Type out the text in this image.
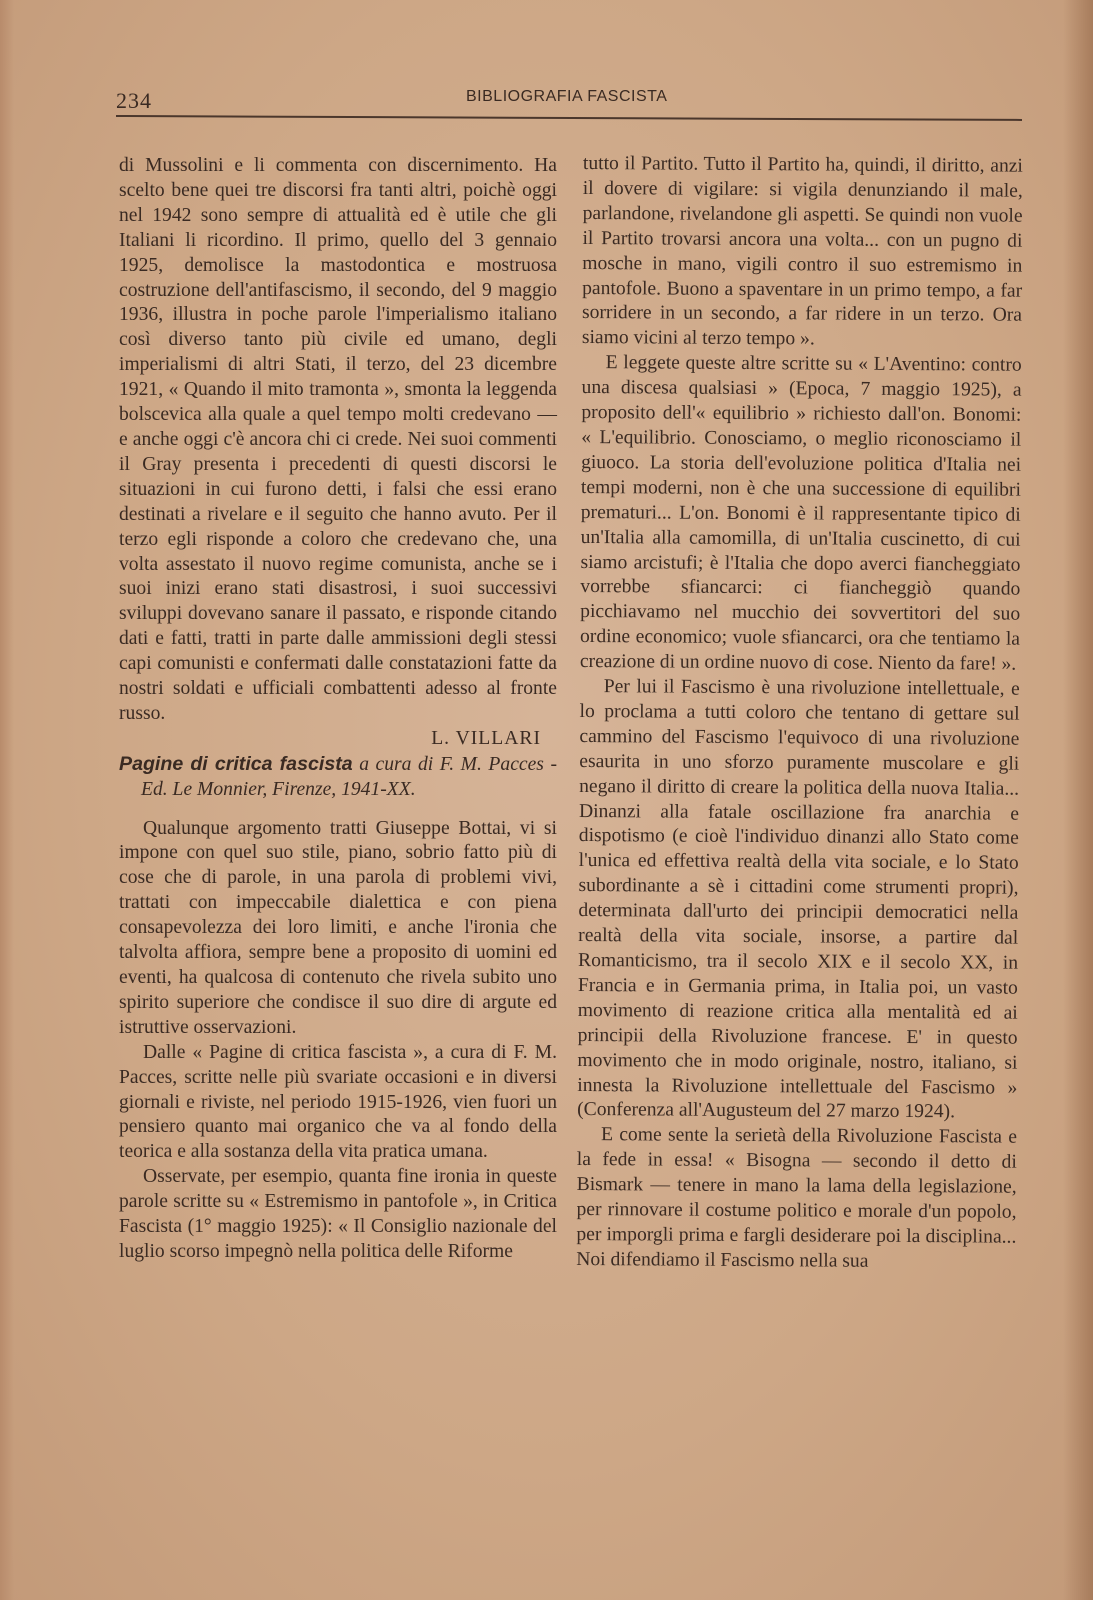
234	BIBLIOGRAFIA FASCISTA

di Mussolini e li commenta con discernimento. Ha scelto bene quei tre discorsi fra tanti altri, poichè oggi nel 1942 sono sempre di attualità ed è utile che gli Italiani li ricordino. Il primo, quello del 3 gennaio 1925, demolisce la mastodontica e mostruosa costruzione dell'antifascismo, il secondo, del 9 maggio 1936, illustra in poche parole l'imperialismo italiano così diverso tanto più civile ed umano, degli imperialismi di altri Stati, il terzo, del 23 dicembre 1921, « Quando il mito tramonta », smonta la leggenda bolscevica alla quale a quel tempo molti credevano — e anche oggi c'è ancora chi ci crede. Nei suoi commenti il Gray presenta i precedenti di questi discorsi le situazioni in cui furono detti, i falsi che essi erano destinati a rivelare e il seguito che hanno avuto. Per il terzo egli risponde a coloro che credevano che, una volta assestato il nuovo regime comunista, anche se i suoi inizi erano stati disastrosi, i suoi successivi sviluppi dovevano sanare il passato, e risponde citando dati e fatti, tratti in parte dalle ammissioni degli stessi capi comunisti e confermati dalle constatazioni fatte da nostri soldati e ufficiali combattenti adesso al fronte russo.

L. VILLARI

Pagine di critica fascista a cura di F. M. Pacces - Ed. Le Monnier, Firenze, 1941-XX.

Qualunque argomento tratti Giuseppe Bottai, vi si impone con quel suo stile, piano, sobrio fatto più di cose che di parole, in una parola di problemi vivi, trattati con impeccabile dialettica e con piena consapevolezza dei loro limiti, e anche l'ironia che talvolta affiora, sempre bene a proposito di uomini ed eventi, ha qualcosa di contenuto che rivela subito uno spirito superiore che condisce il suo dire di argute ed istruttive osservazioni.

Dalle « Pagine di critica fascista », a cura di F. M. Pacces, scritte nelle più svariate occasioni e in diversi giornali e riviste, nel periodo 1915-1926, vien fuori un pensiero quanto mai organico che va al fondo della teorica e alla sostanza della vita pratica umana.

Osservate, per esempio, quanta fine ironia in queste parole scritte su « Estremismo in pantofole », in Critica Fascista (1° maggio 1925): « Il Consiglio nazionale del luglio scorso impegnò nella politica delle Riforme

tutto il Partito. Tutto il Partito ha, quindi, il diritto, anzi il dovere di vigilare: si vigila denunziando il male, parlandone, rivelandone gli aspetti. Se quindi non vuole il Partito trovarsi ancora una volta... con un pugno di mosche in mano, vigili contro il suo estremismo in pantofole. Buono a spaventare in un primo tempo, a far sorridere in un secondo, a far ridere in un terzo. Ora siamo vicini al terzo tempo ».

E leggete queste altre scritte su « L'Aventino: contro una discesa qualsiasi » (Epoca, 7 maggio 1925), a proposito dell'« equilibrio » richiesto dall'on. Bonomi: « L'equilibrio. Conosciamo, o meglio riconosciamo il giuoco. La storia dell'evoluzione politica d'Italia nei tempi moderni, non è che una successione di equilibri prematuri... L'on. Bonomi è il rappresentante tipico di un'Italia alla camomilla, di un'Italia cuscinetto, di cui siamo arcistufi; è l'Italia che dopo averci fiancheggiato vorrebbe sfiancarci: ci fiancheggiò quando picchiavamo nel mucchio dei sovvertitori del suo ordine economico; vuole sfiancarci, ora che tentiamo la creazione di un ordine nuovo di cose. Niento da fare! ».

Per lui il Fascismo è una rivoluzione intellettuale, e lo proclama a tutti coloro che tentano di gettare sul cammino del Fascismo l'equivoco di una rivoluzione esaurita in uno sforzo puramente muscolare e gli negano il diritto di creare la politica della nuova Italia... Dinanzi alla fatale oscillazione fra anarchia e dispotismo (e cioè l'individuo dinanzi allo Stato come l'unica ed effettiva realtà della vita sociale, e lo Stato subordinante a sè i cittadini come strumenti propri), determinata dall'urto dei principii democratici nella realtà della vita sociale, insorse, a partire dal Romanticismo, tra il secolo XIX e il secolo XX, in Francia e in Germania prima, in Italia poi, un vasto movimento di reazione critica alla mentalità ed ai principii della Rivoluzione francese. E' in questo movimento che in modo originale, nostro, italiano, si innesta la Rivoluzione intellettuale del Fascismo » (Conferenza all'Augusteum del 27 marzo 1924).

E come sente la serietà della Rivoluzione Fascista e la fede in essa! « Bisogna — secondo il detto di Bismark — tenere in mano la lama della legislazione, per rinnovare il costume politico e morale d'un popolo, per imporgli prima e fargli desiderare poi la disciplina... Noi difendiamo il Fascismo nella sua
